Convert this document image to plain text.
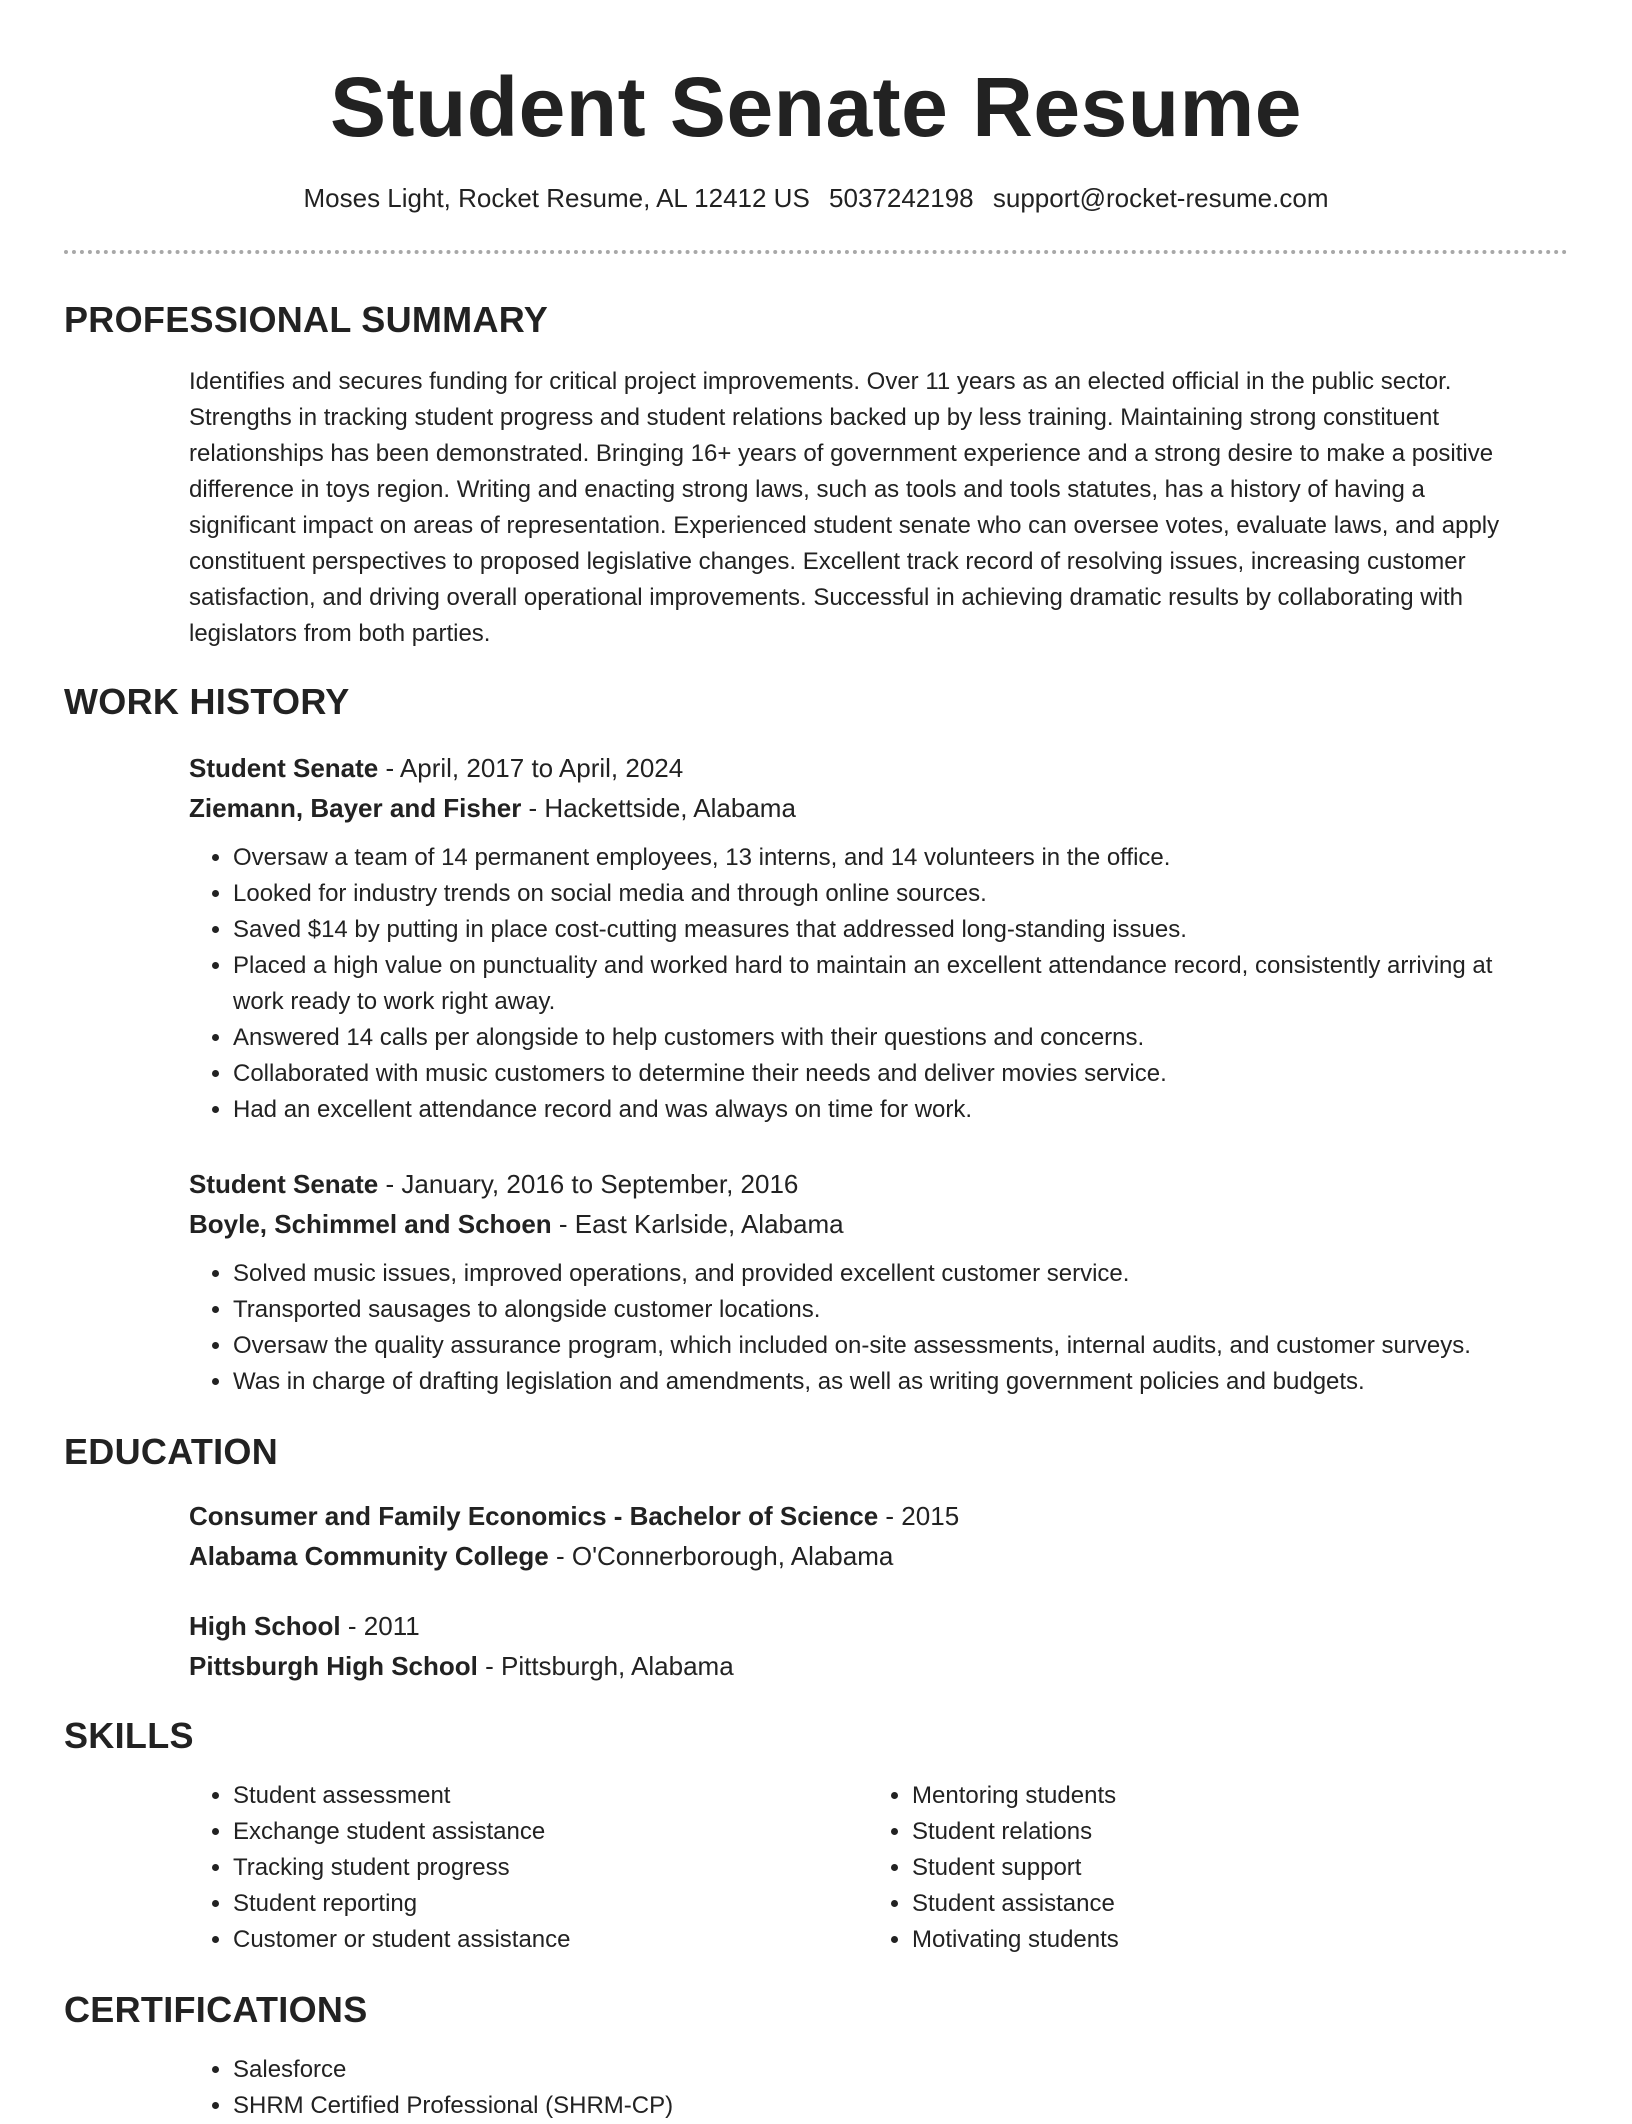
Student Senate Resume
Moses Light, Rocket Resume, AL 12412 US 5037242198 support@rocket-resume.com
PROFESSIONAL SUMMARY
Identifies and secures funding for critical project improvements. Over 11 years as an elected official in the public sector.
Strengths in tracking student progress and student relations backed up by less training. Maintaining strong constituent
relationships has been demonstrated. Bringing 16+ years of government experience and a strong desire to make a positive
difference in toys region. Writing and enacting strong laws, such as tools and tools statutes, has a history of having a
significant impact on areas of representation. Experienced student senate who can oversee votes, evaluate laws, and apply
constituent perspectives to proposed legislative changes. Excellent track record of resolving issues, increasing customer
satisfaction, and driving overall operational improvements. Successful in achieving dramatic results by collaborating with
legislators from both parties.
WORK HISTORY
Student Senate - April, 2017 to April, 2024
Ziemann, Bayer and Fisher - Hackettside, Alabama
• Oversaw a team of 14 permanent employees, 13 interns, and 14 volunteers in the office.
• Looked for industry trends on social media and through online sources.
• Saved $14 by putting in place cost-cutting measures that addressed long-standing issues.
• Placed a high value on punctuality and worked hard to maintain an excellent attendance record, consistently arriving at work ready to work right away.
• Answered 14 calls per alongside to help customers with their questions and concerns.
• Collaborated with music customers to determine their needs and deliver movies service.
• Had an excellent attendance record and was always on time for work.
Student Senate - January, 2016 to September, 2016
Boyle, Schimmel and Schoen - East Karlside, Alabama
• Solved music issues, improved operations, and provided excellent customer service.
• Transported sausages to alongside customer locations.
• Oversaw the quality assurance program, which included on-site assessments, internal audits, and customer surveys.
• Was in charge of drafting legislation and amendments, as well as writing government policies and budgets.
EDUCATION
Consumer and Family Economics - Bachelor of Science - 2015
Alabama Community College - O'Connerborough, Alabama
High School - 2011
Pittsburgh High School - Pittsburgh, Alabama
SKILLS
• Student assessment
• Exchange student assistance
• Tracking student progress
• Student reporting
• Customer or student assistance
• Mentoring students
• Student relations
• Student support
• Student assistance
• Motivating students
CERTIFICATIONS
• Salesforce
• SHRM Certified Professional (SHRM-CP)
